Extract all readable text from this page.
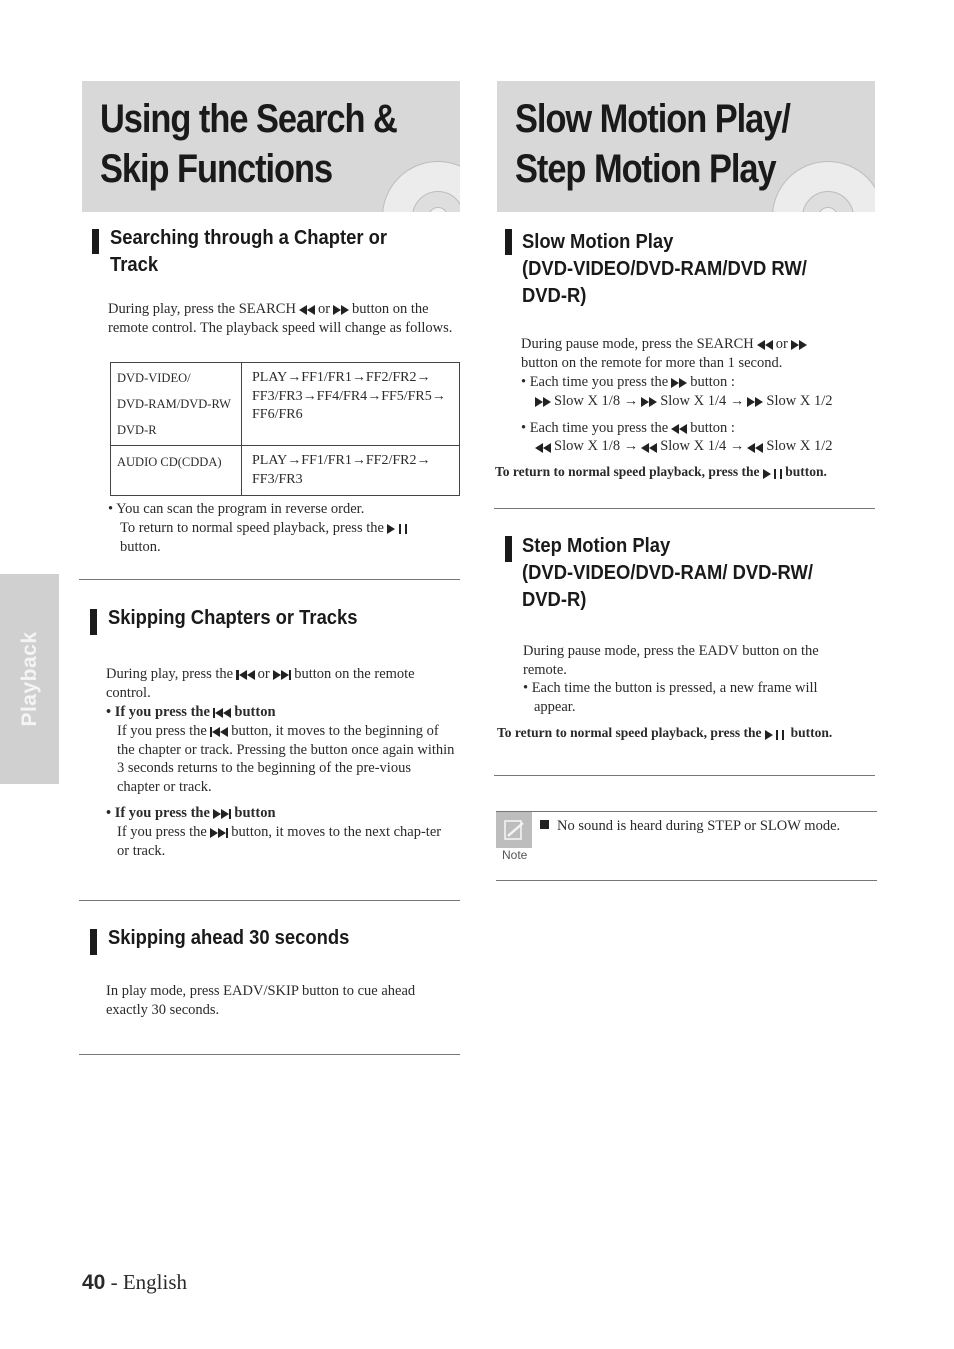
Using the Search &
Skip Functions
Slow Motion Play/
Step Motion Play
Playback
Searching through a Chapter or
Track

During play, press the SEARCH or button on the remote control. The playback speed will change as follows.

DVD-VIDEO/
DVD-RAM/DVD-RW
DVD-R	PLAY→FF1/FR1→FF2/FR2→ FF3/FR3→FF4/FR4→FF5/FR5→ FF6/FR6
AUDIO CD(CDDA)	PLAY→FF1/FR1→FF2/FR2→ FF3/FR3
• You can scan the program in reverse order.
To return to normal speed playback, press the
button.
Skipping Chapters or Tracks
During play, press the or button on the remote control.
• If you press the button
If you press the button, it moves to the beginning of the chapter or track. Pressing the button once again within 3 seconds returns to the beginning of the pre-vious chapter or track.
• If you press the button
If you press the button, it moves to the next chap-ter or track.
Skipping ahead 30 seconds

In play mode, press EADV/SKIP button to cue ahead exactly 30 seconds.

Slow Motion Play
(DVD-VIDEO/DVD-RAM/DVD RW/
DVD-R)
During pause mode, press the SEARCH or
button on the remote for more than 1 second.
• Each time you press the button :
Slow X 1/8 → Slow X 1/4 → Slow X 1/2
• Each time you press the button :
Slow X 1/8 → Slow X 1/4 → Slow X 1/2

To return to normal speed playback, press the button.

Step Motion Play
(DVD-VIDEO/DVD-RAM/ DVD-RW/
DVD-R)
During pause mode, press the EADV button on the remote.
• Each time the button is pressed, a new frame will
appear.

To return to normal speed playback, press the button.

Note
No sound is heard during STEP or SLOW mode.
40 - English
